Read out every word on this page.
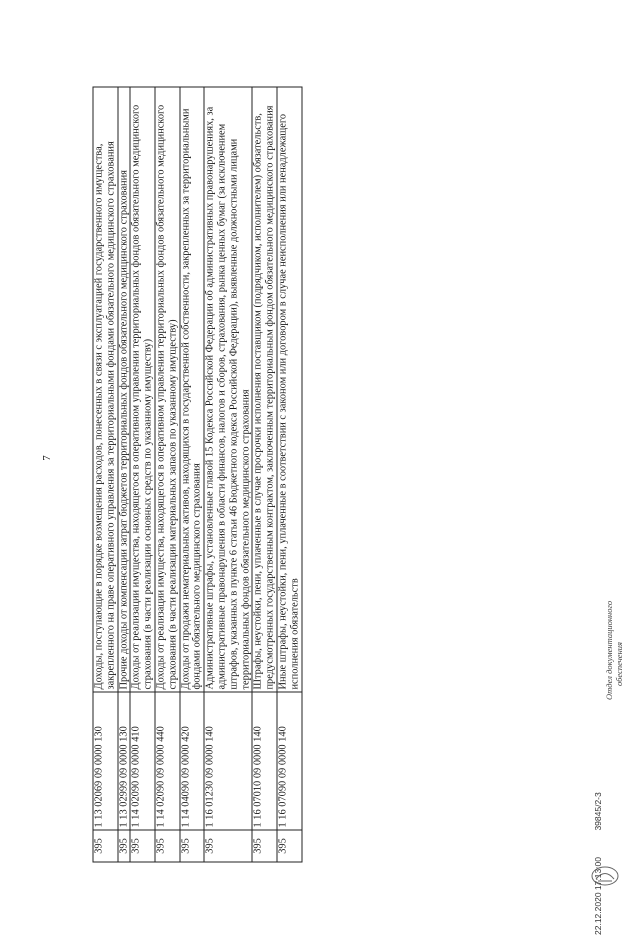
7
395	1 13 02069 09 0000 130	Доходы, поступающие в порядке возмещения расходов, понесенных в связи с эксплуатацией государственного имущества, закрепленного на праве оперативного управления за территориальными фондами обязательного медицинского страхования
395	1 13 02999 09 0000 130	Прочие доходы от компенсации затрат бюджетов территориальных фондов обязательного медицинского страхования
395	1 14 02090 09 0000 410	Доходы от реализации имущества, находящегося в оперативном управлении территориальных фондов обязательного медицинского страхования (в части реализации основных средств по указанному имуществу)
395	1 14 02090 09 0000 440	Доходы от реализации имущества, находящегося в оперативном управлении территориальных фондов обязательного медицинского страхования (в части реализации материальных запасов по указанному имуществу)
395	1 14 04090 09 0000 420	Доходы от продажи нематериальных активов, находящихся в государственной собственности, закрепленных за территориальными фондами обязательного медицинского страхования
395	1 16 01230 09 0000 140	Административные штрафы, установленные главой 15 Кодекса Российской Федерации об административных правонарушениях, за административные правонарушения в области финансов, налогов и сборов, страхования, рынка ценных бумаг (за исключением штрафов, указанных в пункте 6 статьи 46 Бюджетного кодекса Российской Федерации), выявленные должностными лицами территориальных фондов обязательного медицинского страхования
395	1 16 07010 09 0000 140	Штрафы, неустойки, пени, уплаченные в случае просрочки исполнения поставщиком (подрядчиком, исполнителем) обязательств, предусмотренных государственным контрактом, заключенным территориальным фондом обязательного медицинского страхования
395	1 16 07090 09 0000 140	Иные штрафы, неустойки, пени, уплаченные в соответствии с законом или договором в случае неисполнения или ненадлежащего исполнения обязательств
22.12.2020 17:13:00 39845/2-3
Отдел документационного обеспечения
